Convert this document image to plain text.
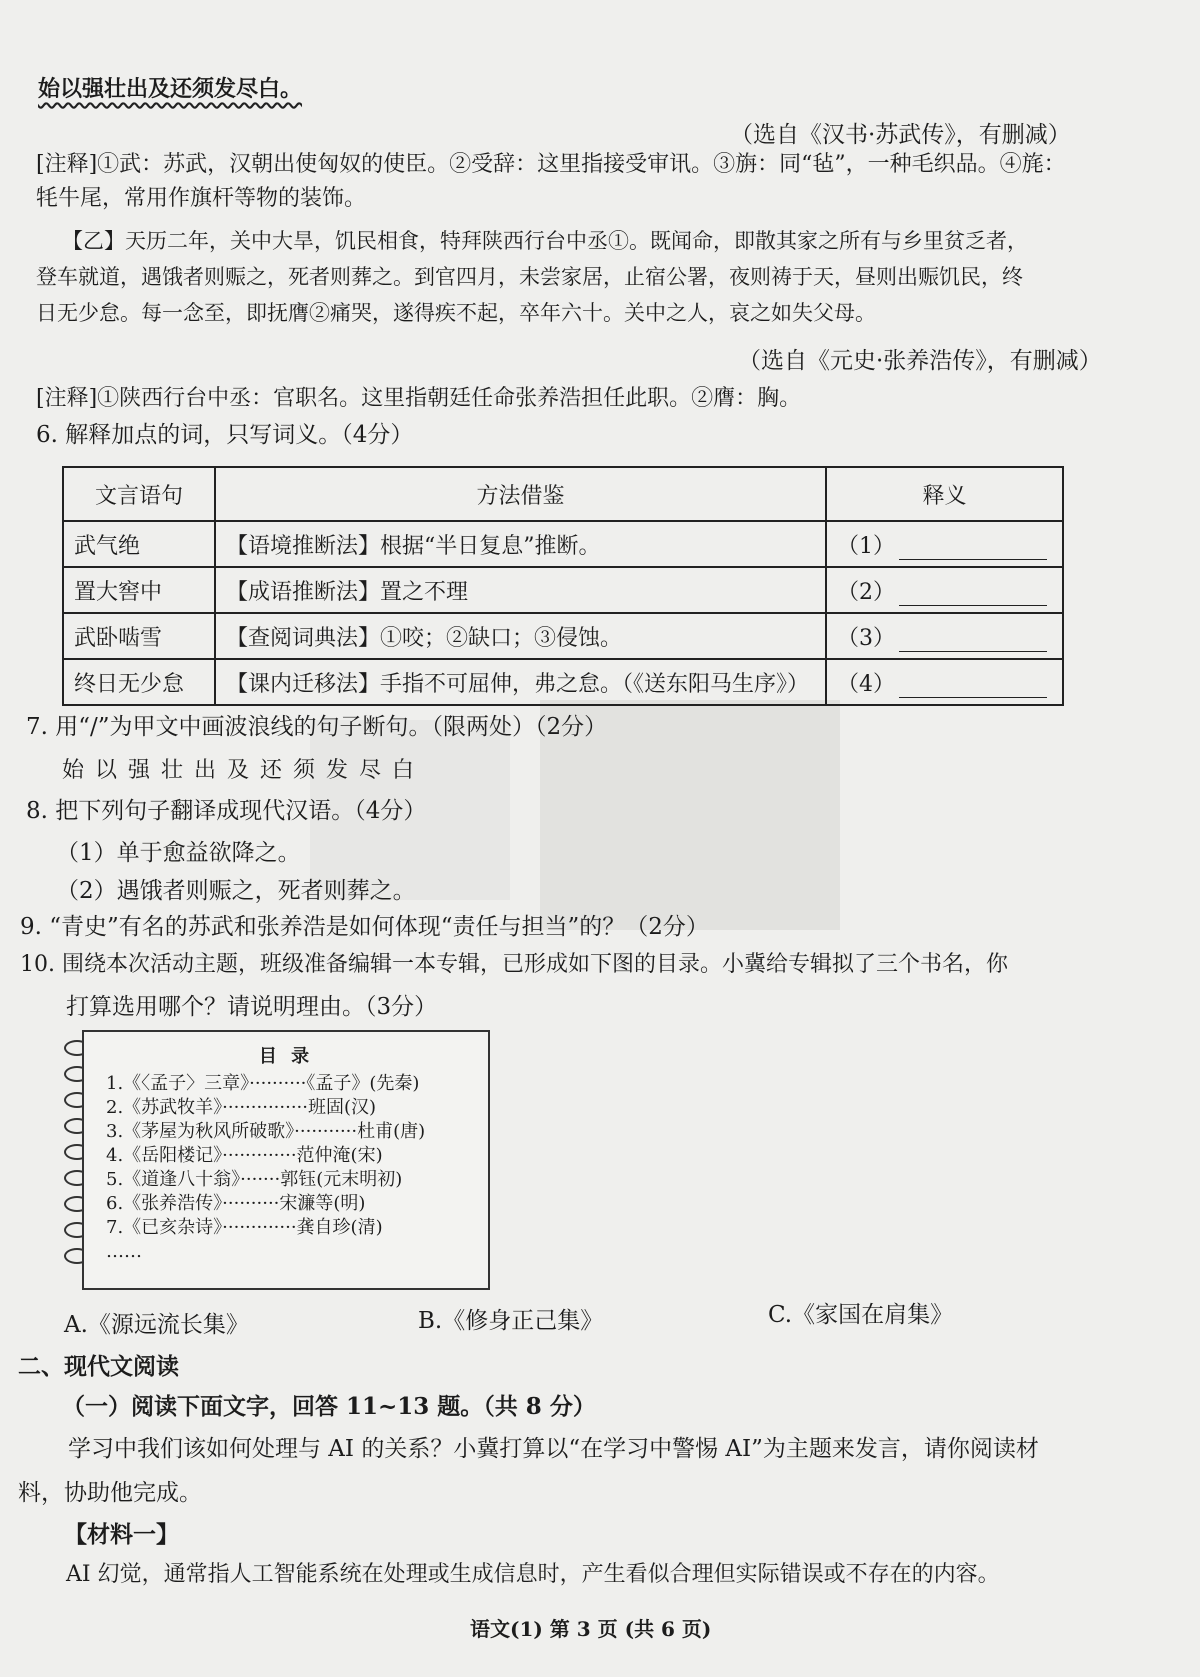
始以强壮出及还须发尽白。
（选自《汉书·苏武传》，有删减）
[注释]①武：苏武，汉朝出使匈奴的使臣。②受辞：这里指接受审讯。③旃：同“毡”，一种毛织品。④旄：
牦牛尾，常用作旗杆等物的装饰。
【乙】天历二年，关中大旱，饥民相食，特拜陕西行台中丞①。既闻命，即散其家之所有与乡里贫乏者，
登车就道，遇饿者则赈之，死者则葬之。到官四月，未尝家居，止宿公署，夜则祷于天，昼则出赈饥民，终
日无少怠。每一念至，即抚膺②痛哭，遂得疾不起，卒年六十。关中之人，哀之如失父母。
（选自《元史·张养浩传》，有删减）
[注释]①陕西行台中丞：官职名。这里指朝廷任命张养浩担任此职。②膺：胸。
6. 解释加点的词，只写词义。（4分）
文言语句	方法借鉴	释义
武气绝	【语境推断法】根据“半日复息”推断。	（1）
置大窖中	【成语推断法】置之不理	（2）
武卧啮雪	【查阅词典法】①咬；②缺口；③侵蚀。	（3）
终日无少怠	【课内迁移法】手指不可屈伸，弗之怠。（《送东阳马生序》）	（4）
7. 用“/”为甲文中画波浪线的句子断句。（限两处）（2分）
始 以 强 壮 出 及 还 须 发 尽 白
8. 把下列句子翻译成现代汉语。（4分）
（1）单于愈益欲降之。
（2）遇饿者则赈之，死者则葬之。
9. “青史”有名的苏武和张养浩是如何体现“责任与担当”的？（2分）
10. 围绕本次活动主题，班级准备编辑一本专辑，已形成如下图的目录。小冀给专辑拟了三个书名，你
打算选用哪个？请说明理由。（3分）
目 录
1.《〈孟子〉三章》··········《孟子》(先秦)
2.《苏武牧羊》···············班固(汉)
3.《茅屋为秋风所破歌》···········杜甫(唐)
4.《岳阳楼记》·············范仲淹(宋)
5.《道逢八十翁》·······郭钰(元末明初)
6.《张养浩传》··········宋濂等(明)
7.《已亥杂诗》·············龚自珍(清)
……
A.《源远流长集》	B.《修身正己集》	C.《家国在肩集》
二、现代文阅读
（一）阅读下面文字，回答 11~13 题。（共 8 分）
学习中我们该如何处理与 AI 的关系？小冀打算以“在学习中警惕 AI”为主题来发言，请你阅读材
料，协助他完成。
【材料一】
AI 幻觉，通常指人工智能系统在处理或生成信息时，产生看似合理但实际错误或不存在的内容。
语文(1) 第 3 页 (共 6 页)
